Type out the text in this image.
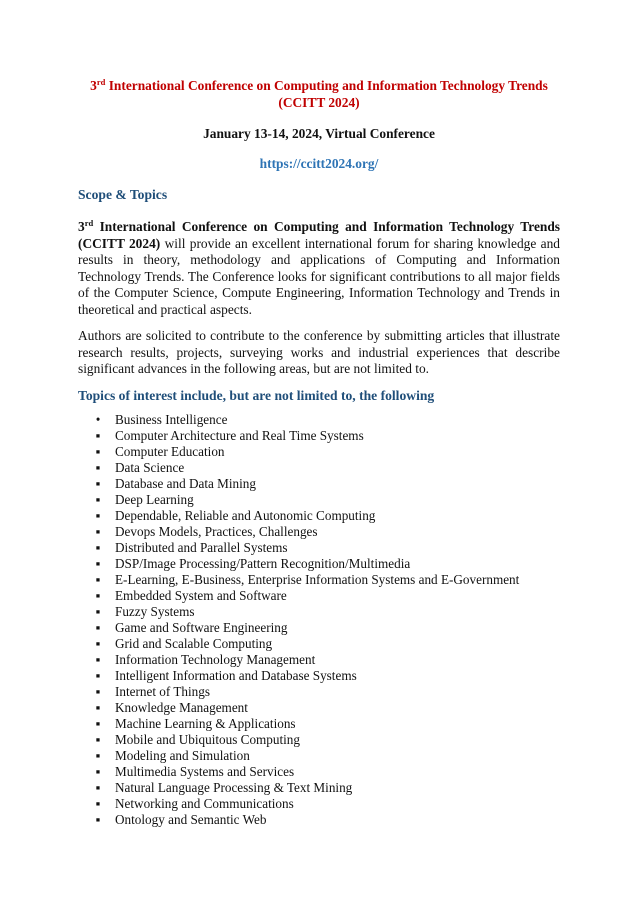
3rd International Conference on Computing and Information Technology Trends
(CCITT 2024)

January 13-14, 2024, Virtual Conference

https://ccitt2024.org/

Scope & Topics

3rd International Conference on Computing and Information Technology Trends (CCITT 2024) will provide an excellent international forum for sharing knowledge and results in theory, methodology and applications of Computing and Information Technology Trends. The Conference looks for significant contributions to all major fields of the Computer Science, Compute Engineering, Information Technology and Trends in theoretical and practical aspects.

Authors are solicited to contribute to the conference by submitting articles that illustrate research results, projects, surveying works and industrial experiences that describe significant advances in the following areas, but are not limited to.

Topics of interest include, but are not limited to, the following
• Business Intelligence
▪ Computer Architecture and Real Time Systems
▪ Computer Education
▪ Data Science
▪ Database and Data Mining
▪ Deep Learning
▪ Dependable, Reliable and Autonomic Computing
▪ Devops Models, Practices, Challenges
▪ Distributed and Parallel Systems
▪ DSP/Image Processing/Pattern Recognition/Multimedia
▪ E-Learning, E-Business, Enterprise Information Systems and E-Government
▪ Embedded System and Software
▪ Fuzzy Systems
▪ Game and Software Engineering
▪ Grid and Scalable Computing
▪ Information Technology Management
▪ Intelligent Information and Database Systems
▪ Internet of Things
▪ Knowledge Management
▪ Machine Learning & Applications
▪ Mobile and Ubiquitous Computing
▪ Modeling and Simulation
▪ Multimedia Systems and Services
▪ Natural Language Processing & Text Mining
▪ Networking and Communications
▪ Ontology and Semantic Web
